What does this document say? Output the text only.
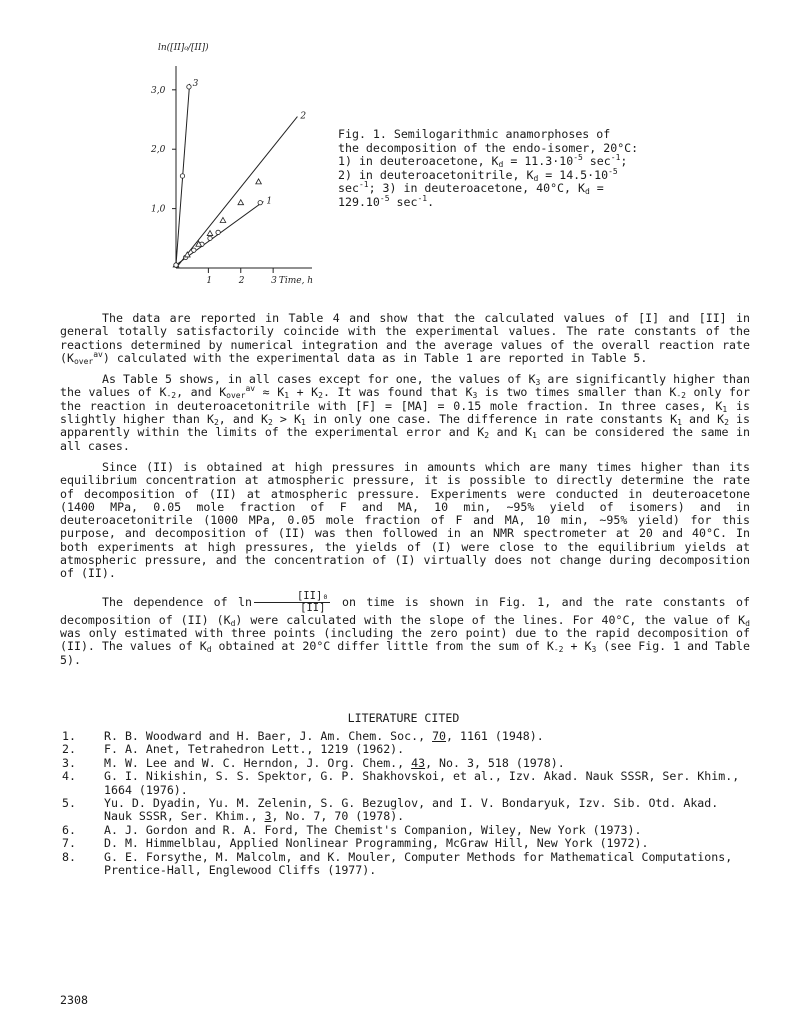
1,0
1
2,0
2
3,0
3
ln([II]₀/[II])
Time, h
1
2
3

Fig. 1. Semilogarithmic anamorphoses of

the decomposition of the endo-isomer, 20°C:

1) in deuteroacetone, $K_d = 11.3\cdot 10^{-5}$ $\sec^{-1}$;

2) in deuteroacetonitrile, $K_d = 14.5\cdot 10^{-5}$

$\sec^{-1}$; 3) in deuteroacetone, 40°C, $K_d$ =

$129.10^{-5}$ $\sec^{-1}$.

The data are reported in Table 4 and show that the calculated values of [I] and [II] in general totally satisfactorily coincide with the experimental values. The rate constants of the reactions determined by numerical integration and the average values of the overall reaction rate $(K_{over}^{av})$ calculated with the experimental data as in Table 1 are reported in Table 5.

As Table 5 shows, in all cases except for one, the values of $K_3$ are significantly higher than the values of $K_{-2}$, and $K_{over}^{av} \approx K_1 + K_2$. It was found that $K_3$ is two times smaller than $K_{-2}$ only for the reaction in deuteroacetonitrile with [F] = [MA] = 0.15 mole fraction. In three cases, $K_1$ is slightly higher than $K_2$, and $K_2 > K_1$ in only one case. The difference in rate constants $K_1$ and $K_2$ is apparently within the limits of the experimental error and $K_2$ and $K_1$ can be considered the same in all cases.

Since (II) is obtained at high pressures in amounts which are many times higher than its equilibrium concentration at atmospheric pressure, it is possible to directly determine the rate of decomposition of (II) at atmospheric pressure. Experiments were conducted in deuteroacetone (1400 MPa, 0.05 mole fraction of F and MA, 10 min, ~95% yield of isomers) and in deuteroacetonitrile (1000 MPa, 0.05 mole fraction of F and MA, 10 min, ~95% yield) for this purpose, and decomposition of (II) was then followed in an NMR spectrometer at 20 and 40°C. In both experiments at high pressures, the yields of (I) were close to the equilibrium yields at atmospheric pressure, and the concentration of (I) virtually does not change during decomposition of (II).

The dependence of $\ln \frac{\text{[II]₀}}{[II]}$ on time is shown in Fig. 1, and the rate constants of decomposition of (II) $(K_d)$ were calculated with the slope of the lines. For 40°C, the value of $K_d$ was only estimated with three points (including the zero point) due to the rapid decomposition of (II). The values of $K_d$ obtained at 20°C differ little from the sum of $K_{-2} + K_3$ (see Fig. 1 and Table 5).

LITERATURE CITED
1.	R. B. Woodward and H. Baer, J. Am. Chem. Soc., 70, 1161 (1948).
2.	F. A. Anet, Tetrahedron Lett., 1219 (1962).
3.	M. W. Lee and W. C. Herndon, J. Org. Chem., 43, No. 3, 518 (1978).
4.	G. I. Nikishin, S. S. Spektor, G. P. Shakhovskoi, et al., Izv. Akad. Nauk SSSR, Ser. Khim., 1664 (1976).
5.	Yu. D. Dyadin, Yu. M. Zelenin, S. G. Bezuglov, and I. V. Bondaryuk, Izv. Sib. Otd. Akad. Nauk SSSR, Ser. Khim., 3, No. 7, 70 (1978).
6.	A. J. Gordon and R. A. Ford, The Chemist's Companion, Wiley, New York (1973).
7.	D. M. Himmelblau, Applied Nonlinear Programming, McGraw Hill, New York (1972).
8.	G. E. Forsythe, M. Malcolm, and K. Mouler, Computer Methods for Mathematical Computations, Prentice-Hall, Englewood Cliffs (1977).
2308
